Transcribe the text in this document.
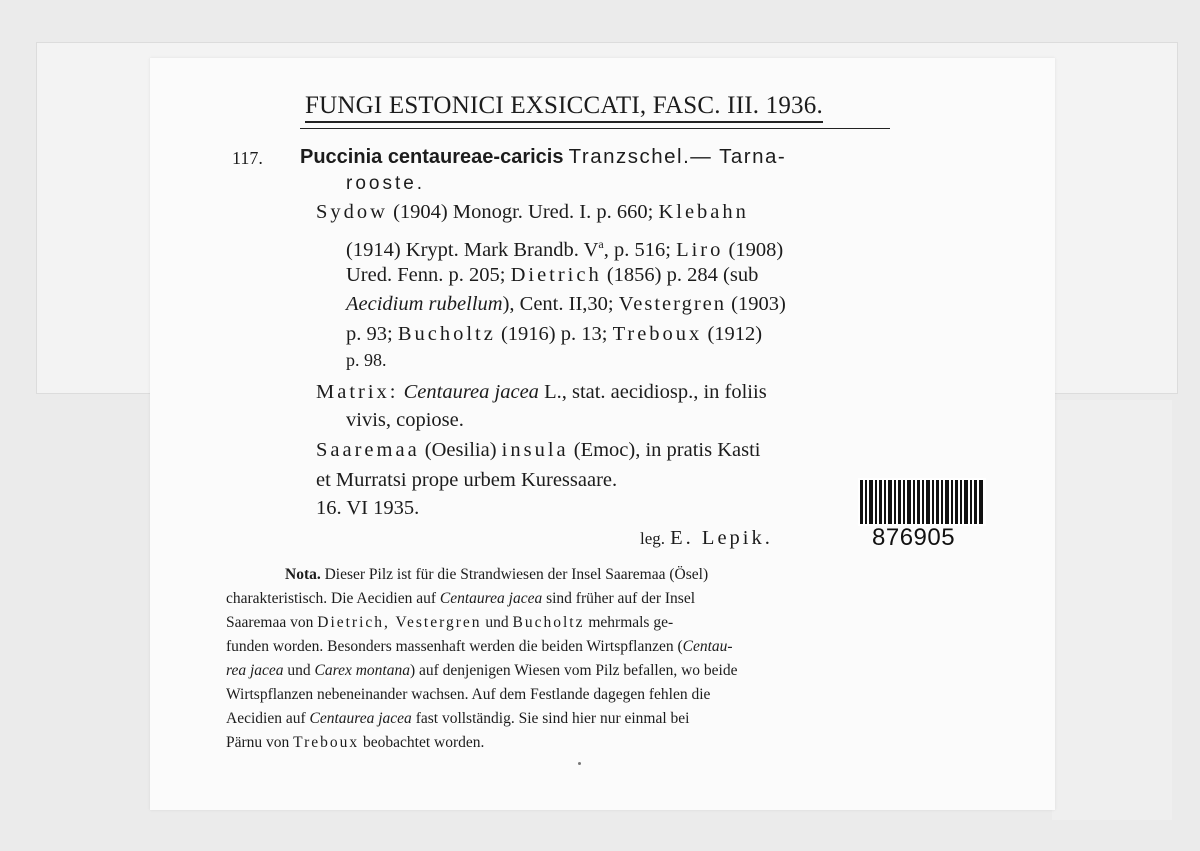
FUNGI ESTONICI EXSICCATI, FASC. III. 1936.
117. Puccinia centaureae-caricis Tranzschel.— Tarna-
rooste.
Sydow (1904) Monogr. Ured. I. p. 660; Klebahn
(1914) Krypt. Mark Brandb. $V^a$, p. 516; Liro (1908)
Ured. Fenn. p. 205; Dietrich (1856) p. 284 (sub
Aecidium rubellum), Cent. II,30; Vestergren (1903)
p. 93; Bucholtz (1916) p. 13; Treboux (1912)
p. 98.
Matrix: Centaurea jacea L., stat. aecidiosp., in foliis
vivis, copiose.
Saaremaa (Oesilia) insula (Emoc), in pratis Kasti
et Murratsi prope urbem Kuressaare.
16. VI 1935.
leg. E. Lepik.	876905
Nota. Dieser Pilz ist für die Strandwiesen der Insel Saaremaa (Ösel)
charakteristisch. Die Aecidien auf Centaurea jacea sind früher auf der Insel
Saaremaa von Dietrich, Vestergren und Bucholtz mehrmals ge-
funden worden. Besonders massenhaft werden die beiden Wirtspflanzen (Centau-
rea jacea und Carex montana) auf denjenigen Wiesen vom Pilz befallen, wo beide
Wirtspflanzen nebeneinander wachsen. Auf dem Festlande dagegen fehlen die
Aecidien auf Centaurea jacea fast vollständig. Sie sind hier nur einmal bei
Pärnu von Treboux beobachtet worden.
